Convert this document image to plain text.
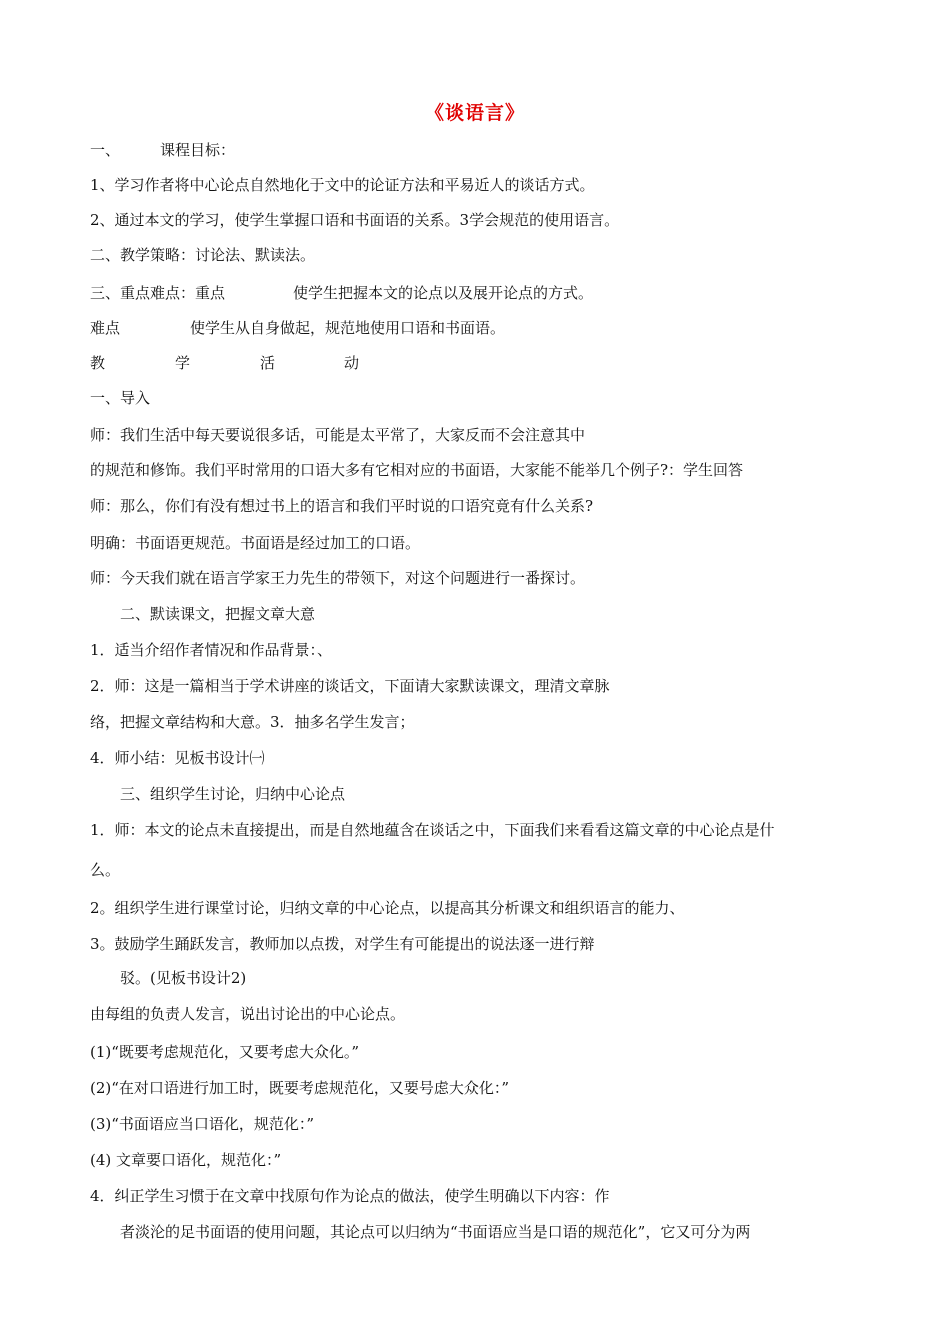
《谈语言》
一、	课程目标：
1、学习作者将中心论点自然地化于文中的论证方法和平易近人的谈话方式。
2、通过本文的学习，使学生掌握口语和书面语的关系。3学会规范的使用语言。
二、教学策略：讨论法、默读法。
三、重点难点：重点	使学生把握本文的论点以及展开论点的方式。
难点	使学生从自身做起，规范地使用口语和书面语。
教	学	活	动
一、导入
师：我们生活中每天要说很多话，可能是太平常了，大家反而不会注意其中
的规范和修饰。我们平时常用的口语大多有它相对应的书面语，大家能不能举几个例子?：学生回答
师：那么，你们有没有想过书上的语言和我们平时说的口语究竟有什么关系?
明确：书面语更规范。书面语是经过加工的口语。
师：今天我们就在语言学家王力先生的带领下，对这个问题进行一番探讨。
二、默读课文，把握文章大意
1．适当介绍作者情况和作品背景：、
2．师：这是一篇相当于学术讲座的谈话文，下面请大家默读课文，理清文章脉
络，把握文章结构和大意。3．抽多名学生发言；
4．师小结：见板书设计㈠
三、组织学生讨论，归纳中心论点
1．师：本文的论点未直接提出，而是自然地蕴含在谈话之中，下面我们来看看这篇文章的中心论点是什
么。
2。组织学生进行课堂讨论，归纳文章的中心论点，以提高其分析课文和组织语言的能力、
3。鼓励学生踊跃发言，教师加以点拨，对学生有可能提出的说法逐一进行辩
驳。(见板书设计2)
由每组的负责人发言，说出讨论出的中心论点。
(1)“既要考虑规范化，又要考虑大众化。”
(2)“在对口语进行加工时，既要考虑规范化，又要号虑大众化：”
(3)“书面语应当口语化，规范化：”
(4) 文章要口语化，规范化：”
4．纠正学生习惯于在文章中找原句作为论点的做法，使学生明确以下内容：作
者淡沦的足书面语的使用问题，其论点可以归纳为“书面语应当是口语的规范化”，它又可分为两
